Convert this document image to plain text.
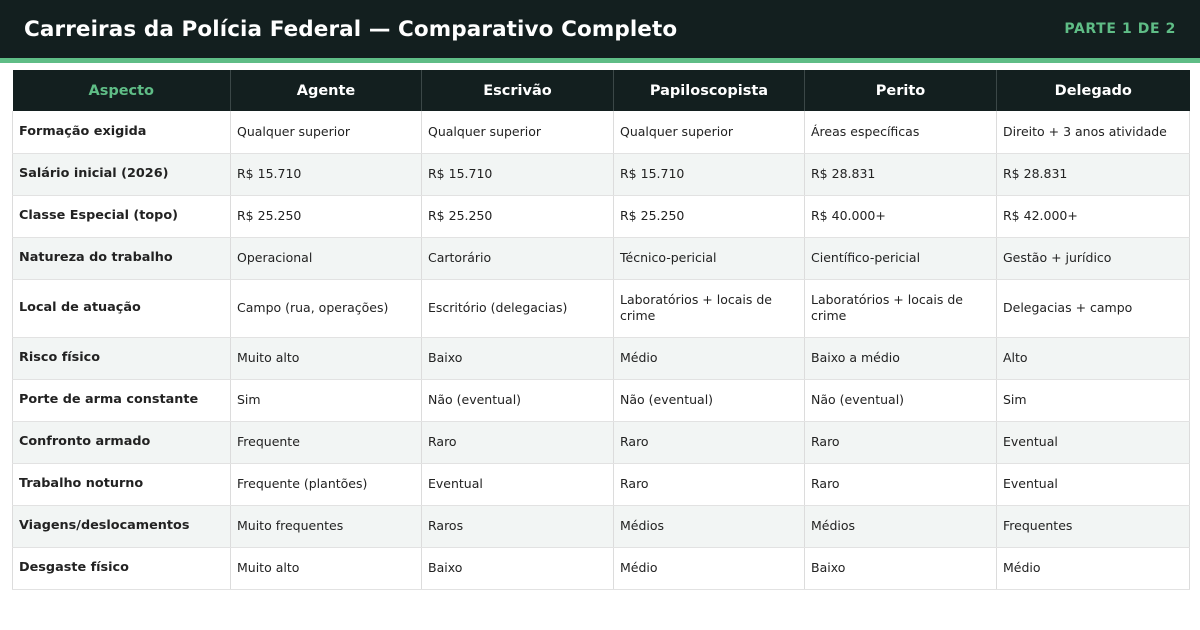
Carreiras da Polícia Federal — Comparativo Completo	PARTE 1 DE 2
Aspecto	Agente	Escrivão	Papiloscopista	Perito	Delegado
Formação exigida	Qualquer superior	Qualquer superior	Qualquer superior	Áreas específicas	Direito + 3 anos atividade
Salário inicial (2026)	R$ 15.710	R$ 15.710	R$ 15.710	R$ 28.831	R$ 28.831
Classe Especial (topo)	R$ 25.250	R$ 25.250	R$ 25.250	R$ 40.000+	R$ 42.000+
Natureza do trabalho	Operacional	Cartorário	Técnico-pericial	Científico-pericial	Gestão + jurídico
Local de atuação	Campo (rua, operações)	Escritório (delegacias)	Laboratórios + locais de crime	Laboratórios + locais de crime	Delegacias + campo
Risco físico	Muito alto	Baixo	Médio	Baixo a médio	Alto
Porte de arma constante	Sim	Não (eventual)	Não (eventual)	Não (eventual)	Sim
Confronto armado	Frequente	Raro	Raro	Raro	Eventual
Trabalho noturno	Frequente (plantões)	Eventual	Raro	Raro	Eventual
Viagens/deslocamentos	Muito frequentes	Raros	Médios	Médios	Frequentes
Desgaste físico	Muito alto	Baixo	Médio	Baixo	Médio
